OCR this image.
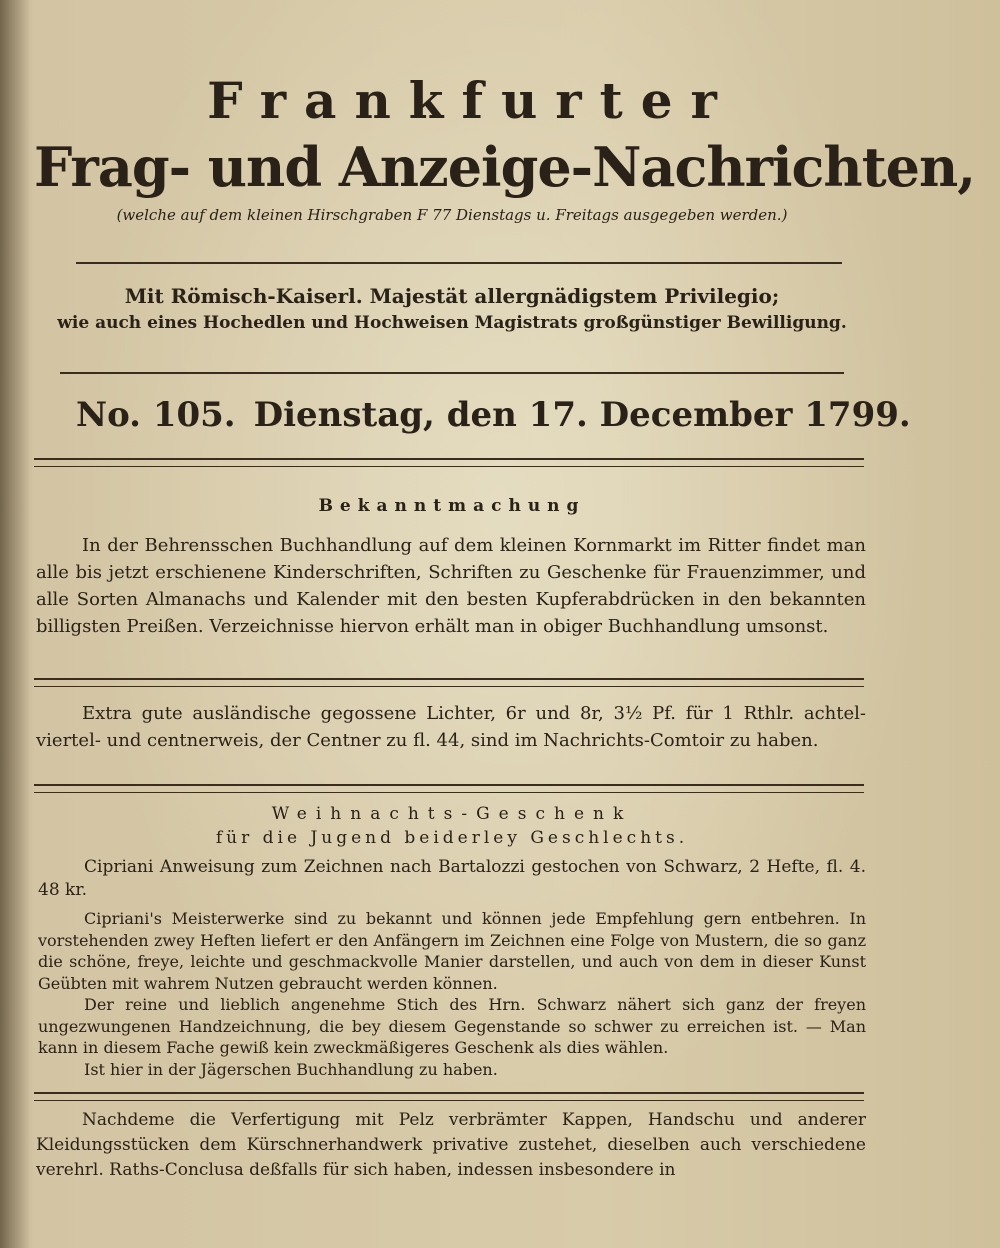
Frankfurter
Frag- und Anzeige-Nachrichten,
(welche auf dem kleinen Hirschgraben F 77 Dienstags u. Freitags ausgegeben werden.)
Mit Römisch-Kaiserl. Majestät allergnädigstem Privilegio;
wie auch eines Hochedlen und Hochweisen Magistrats großgünstiger Bewilligung.
No. 105. Dienstag, den 17. December 1799.
Bekanntmachung

In der Behrensschen Buchhandlung auf dem kleinen Kornmarkt im Ritter findet man alle bis jetzt erschienene Kinderschriften, Schriften zu Geschenke für Frauenzimmer, und alle Sorten Almanachs und Kalender mit den besten Kupferabdrücken in den bekannten billigsten Preißen. Verzeichnisse hiervon erhält man in obiger Buchhandlung umsonst.

Extra gute ausländische gegossene Lichter, 6r und 8r, 3½ Pf. für 1 Rthlr. achtel- viertel- und centnerweis, der Centner zu fl. 44, sind im Nachrichts-Comtoir zu haben.

Weihnachts-Geschenk
für die Jugend beiderley Geschlechts.

Cipriani Anweisung zum Zeichnen nach Bartalozzi gestochen von Schwarz, 2 Hefte, fl. 4. 48 kr.

Cipriani's Meisterwerke sind zu bekannt und können jede Empfehlung gern entbehren. In vorstehenden zwey Heften liefert er den Anfängern im Zeichnen eine Folge von Mustern, die so ganz die schöne, freye, leichte und geschmackvolle Manier darstellen, und auch von dem in dieser Kunst Geübten mit wahrem Nutzen gebraucht werden können.

Der reine und lieblich angenehme Stich des Hrn. Schwarz nähert sich ganz der freyen ungezwungenen Handzeichnung, die bey diesem Gegenstande so schwer zu erreichen ist. — Man kann in diesem Fache gewiß kein zweckmäßigeres Geschenk als dies wählen.

Ist hier in der Jägerschen Buchhandlung zu haben.

Nachdeme die Verfertigung mit Pelz verbrämter Kappen, Handschu und anderer Kleidungsstücken dem Kürschnerhandwerk privative zustehet, dieselben auch verschiedene verehrl. Raths-Conclusa deßfalls für sich haben, indessen insbesondere in
